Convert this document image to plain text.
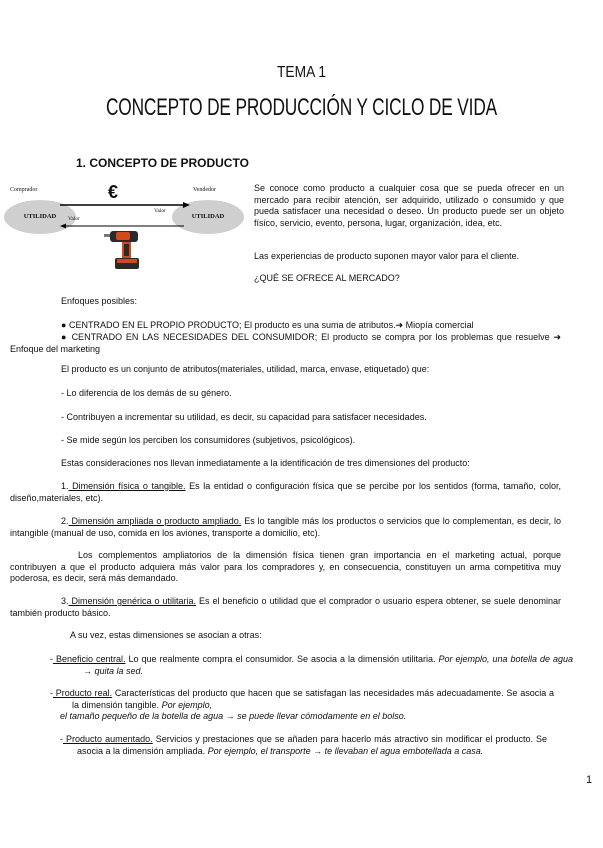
TEMA 1
CONCEPTO DE PRODUCCIÓN Y CICLO DE VIDA
1. CONCEPTO DE PRODUCTO
Comprador	Vendedor
€
UTILIDAD	UTILIDAD
Valor
Valor
Se conoce como producto a cualquier cosa que se pueda ofrecer en un mercado para recibir atención, ser adquirido, utilizado o consumido y que pueda satisfacer una necesidad o deseo. Un producto puede ser un objeto físico, servicio, evento, persona, lugar, organización, idea, etc.
Las experiencias de producto suponen mayor valor para el cliente.
¿QUÉ SE OFRECE AL MERCADO?
Enfoques posibles:
● CENTRADO EN EL PROPIO PRODUCTO; El producto es una suma de atributos.➜ Miopía comercial
● CENTRADO EN LAS NECESIDADES DEL CONSUMIDOR; El producto se compra por los problemas que resuelve ➜ Enfoque del marketing
El producto es un conjunto de atributos(materiales, utilidad, marca, envase, etiquetado) que:
- Lo diferencia de los demás de su género.
- Contribuyen a incrementar su utilidad, es decir, su capacidad para satisfacer necesidades.
- Se mide según los perciben los consumidores (subjetivos, psicológicos).
Estas consideraciones nos llevan inmediatamente a la identificación de tres dimensiones del producto:
1. Dimensión física o tangible. Es la entidad o configuración física que se percibe por los sentidos (forma, tamaño, color, diseño,materiales, etc).
2. Dimensión ampliada o producto ampliado. Es lo tangible más los productos o servicios que lo complementan, es decir, lo intangible (manual de uso, comida en los aviones, transporte a domicilio, etc).
Los complementos ampliatorios de la dimensión física tienen gran importancia en el marketing actual, porque contribuyen a que el producto adquiera más valor para los compradores y, en consecuencia, constituyen un arma competitiva muy poderosa, es decir, será más demandado.
3. Dimensión genérica o utilitaria. Es el beneficio o utilidad que el comprador o usuario espera obtener, se suele denominar también producto básico.
A su vez, estas dimensiones se asocian a otras:
- Beneficio central. Lo que realmente compra el consumidor. Se asocia a la dimensión utilitaria. Por ejemplo, una botella de agua → quita la sed.
- Producto real. Características del producto que hacen que se satisfagan las necesidades más adecuadamente. Se asocia a la dimensión tangible. Por ejemplo,
el tamaño pequeño de la botella de agua → se puede llevar cómodamente en el bolso.
- Producto aumentado. Servicios y prestaciones que se añaden para hacerlo más atractivo sin modificar el producto. Se asocia a la dimensión ampliada. Por ejemplo, el transporte → te llevaban el agua embotellada a casa.
1
